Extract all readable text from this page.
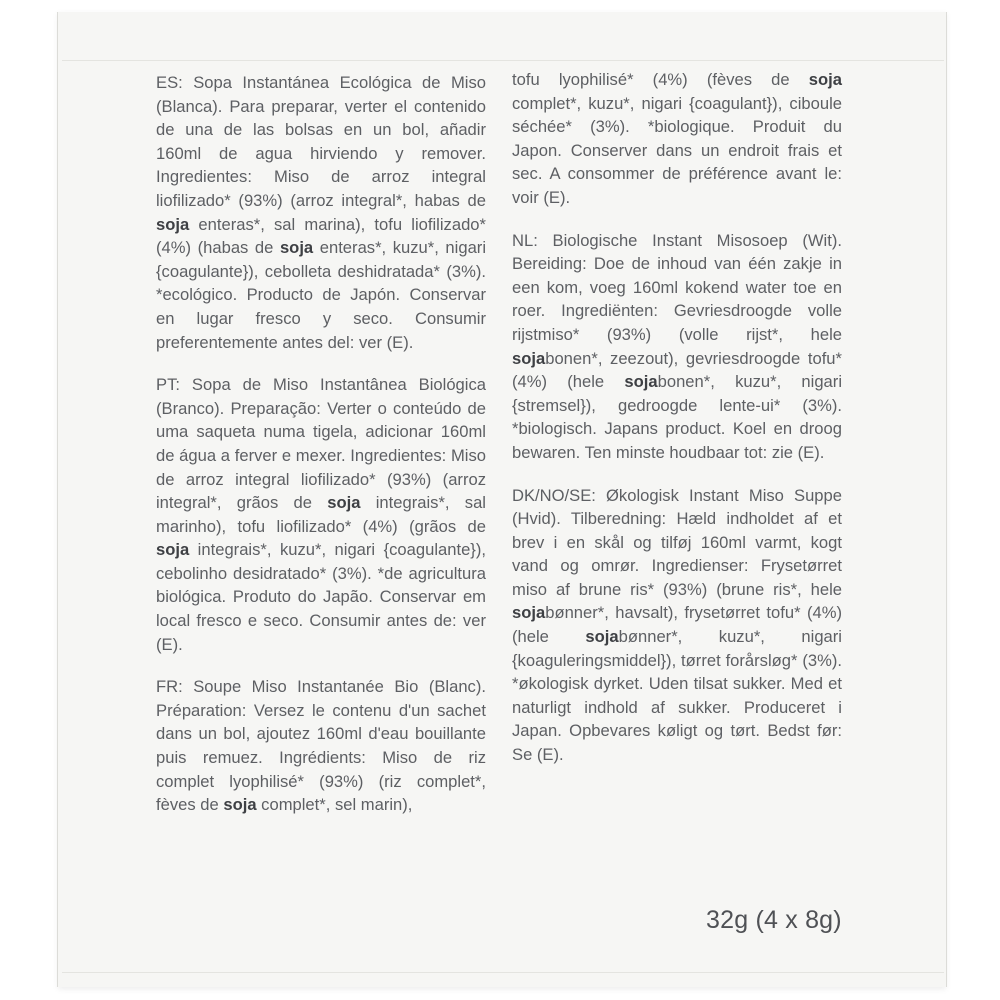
ES: Sopa Instantánea Ecológica de Miso (Blanca). Para preparar, verter el contenido de una de las bolsas en un bol, añadir 160ml de agua hirviendo y remover. Ingredientes: Miso de arroz integral liofilizado* (93%) (arroz integral*, habas de soja enteras*, sal marina), tofu liofilizado* (4%) (habas de soja enteras*, kuzu*, nigari {coagulante}), cebolleta deshidratada* (3%). *ecológico. Producto de Japón. Conservar en lugar fresco y seco. Consumir preferentemente antes del: ver (E).

PT: Sopa de Miso Instantânea Biológica (Branco). Preparação: Verter o conteúdo de uma saqueta numa tigela, adicionar 160ml de água a ferver e mexer. Ingredientes: Miso de arroz integral liofilizado* (93%) (arroz integral*, grãos de soja integrais*, sal marinho), tofu liofilizado* (4%) (grãos de soja integrais*, kuzu*, nigari {coagulante}), cebolinho desidratado* (3%). *de agricultura biológica. Produto do Japão. Conservar em local fresco e seco. Consumir antes de: ver (E).

FR: Soupe Miso Instantanée Bio (Blanc). Préparation: Versez le contenu d'un sachet dans un bol, ajoutez 160ml d'eau bouillante puis remuez. Ingrédients: Miso de riz complet lyophilisé* (93%) (riz complet*, fèves de soja complet*, sel marin),

tofu lyophilisé* (4%) (fèves de soja complet*, kuzu*, nigari {coagulant}), ciboule séchée* (3%). *biologique. Produit du Japon. Conserver dans un endroit frais et sec. A consommer de préférence avant le: voir (E).

NL: Biologische Instant Misosoep (Wit). Bereiding: Doe de inhoud van één zakje in een kom, voeg 160ml kokend water toe en roer. Ingrediënten: Gevriesdroogde volle rijstmiso* (93%) (volle rijst*, hele sojabonen*, zeezout), gevriesdroogde tofu* (4%) (hele sojabonen*, kuzu*, nigari {stremsel}), gedroogde lente-ui* (3%). *biologisch. Japans product. Koel en droog bewaren. Ten minste houdbaar tot: zie (E).

DK/NO/SE: Økologisk Instant Miso Suppe (Hvid). Tilberedning: Hæld indholdet af et brev i en skål og tilføj 160ml varmt, kogt vand og omrør. Ingredienser: Frysetørret miso af brune ris* (93%) (brune ris*, hele sojabønner*, havsalt), frysetørret tofu* (4%) (hele sojabønner*, kuzu*, nigari {koaguleringsmiddel}), tørret forårsløg* (3%). *økologisk dyrket. Uden tilsat sukker. Med et naturligt indhold af sukker. Produceret i Japan. Opbevares køligt og tørt. Bedst før: Se (E).

32g (4 x 8g)
